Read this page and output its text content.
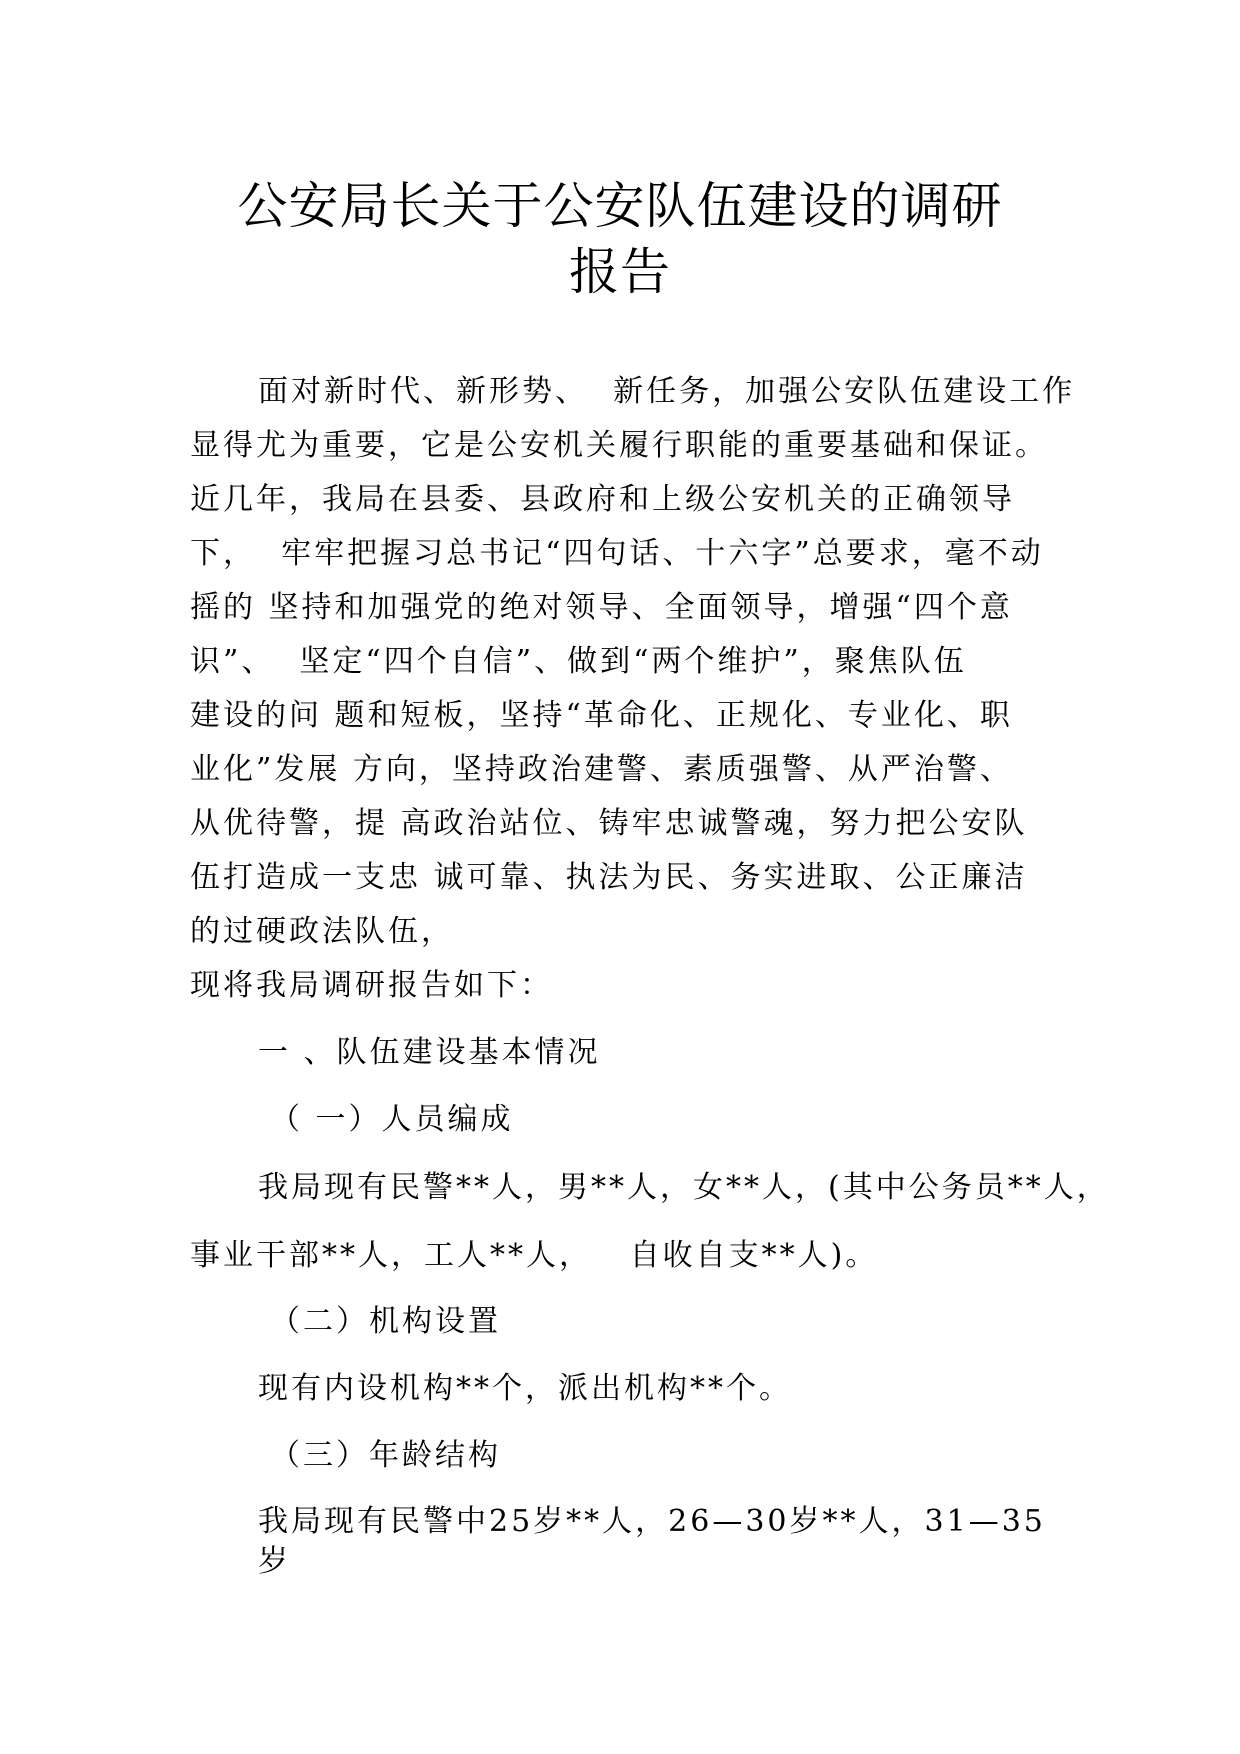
公安局长关于公安队伍建设的调研
报告
面对新时代、新形势、  新任务，加强公安队伍建设工作
显得尤为重要，它是公安机关履行职能的重要基础和保证。
近几年，我局在县委、县政府和上级公安机关的正确领导
下，  牢牢把握习总书记“四句话、十六字”总要求，毫不动
摇的 坚持和加强党的绝对领导、全面领导，增强“四个意
识”、  坚定“四个自信”、做到“两个维护”，聚焦队伍
建设的问 题和短板，坚持“革命化、正规化、专业化、职
业化”发展 方向，坚持政治建警、素质强警、从严治警、
从优待警，提 高政治站位、铸牢忠诚警魂，努力把公安队
伍打造成一支忠 诚可靠、执法为民、务实进取、公正廉洁
的过硬政法队伍，
现将我局调研报告如下：
一 、队伍建设基本情况
（ 一）人员编成
我局现有民警**人，男**人，女**人，(其中公务员**人，
事业干部**人，工人**人，   自收自支**人)。
（二）机构设置
现有内设机构**个，派出机构**个。
（三）年龄结构
我局现有民警中25岁**人，26—30岁**人，31—35
岁
